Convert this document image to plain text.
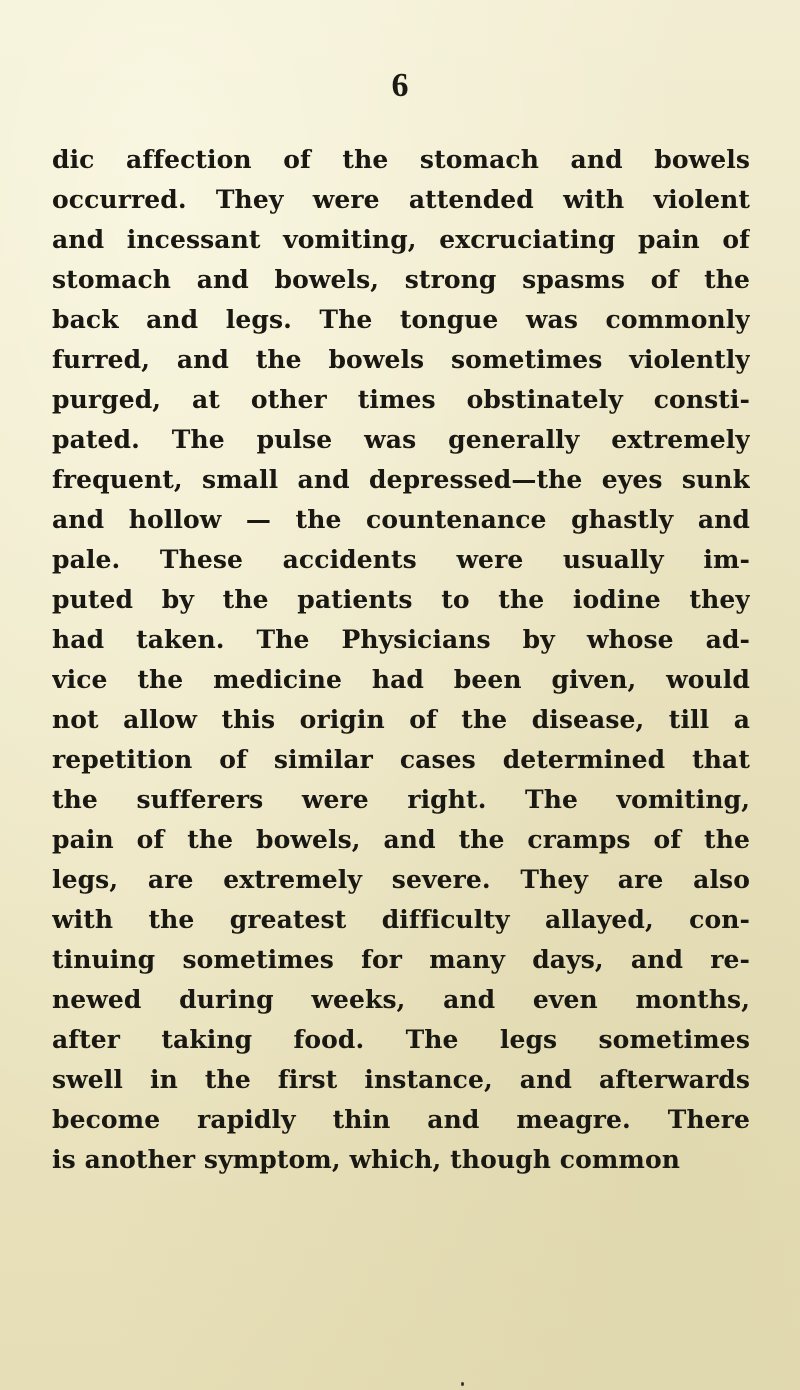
6
dic affection of the stomach and bowels
occurred. They were attended with violent
and incessant vomiting, excruciating pain of
stomach and bowels, strong spasms of the
back and legs. The tongue was commonly
furred, and the bowels sometimes violently
purged, at other times obstinately consti-
pated. The pulse was generally extremely
frequent, small and depressed—the eyes sunk
and hollow — the countenance ghastly and
pale. These accidents were usually im-
puted by the patients to the iodine they
had taken. The Physicians by whose ad-
vice the medicine had been given, would
not allow this origin of the disease, till a
repetition of similar cases determined that
the sufferers were right. The vomiting,
pain of the bowels, and the cramps of the
legs, are extremely severe. They are also
with the greatest difficulty allayed, con-
tinuing sometimes for many days, and re-
newed during weeks, and even months,
after taking food. The legs sometimes
swell in the first instance, and afterwards
become rapidly thin and meagre. There
is another symptom, which, though common
